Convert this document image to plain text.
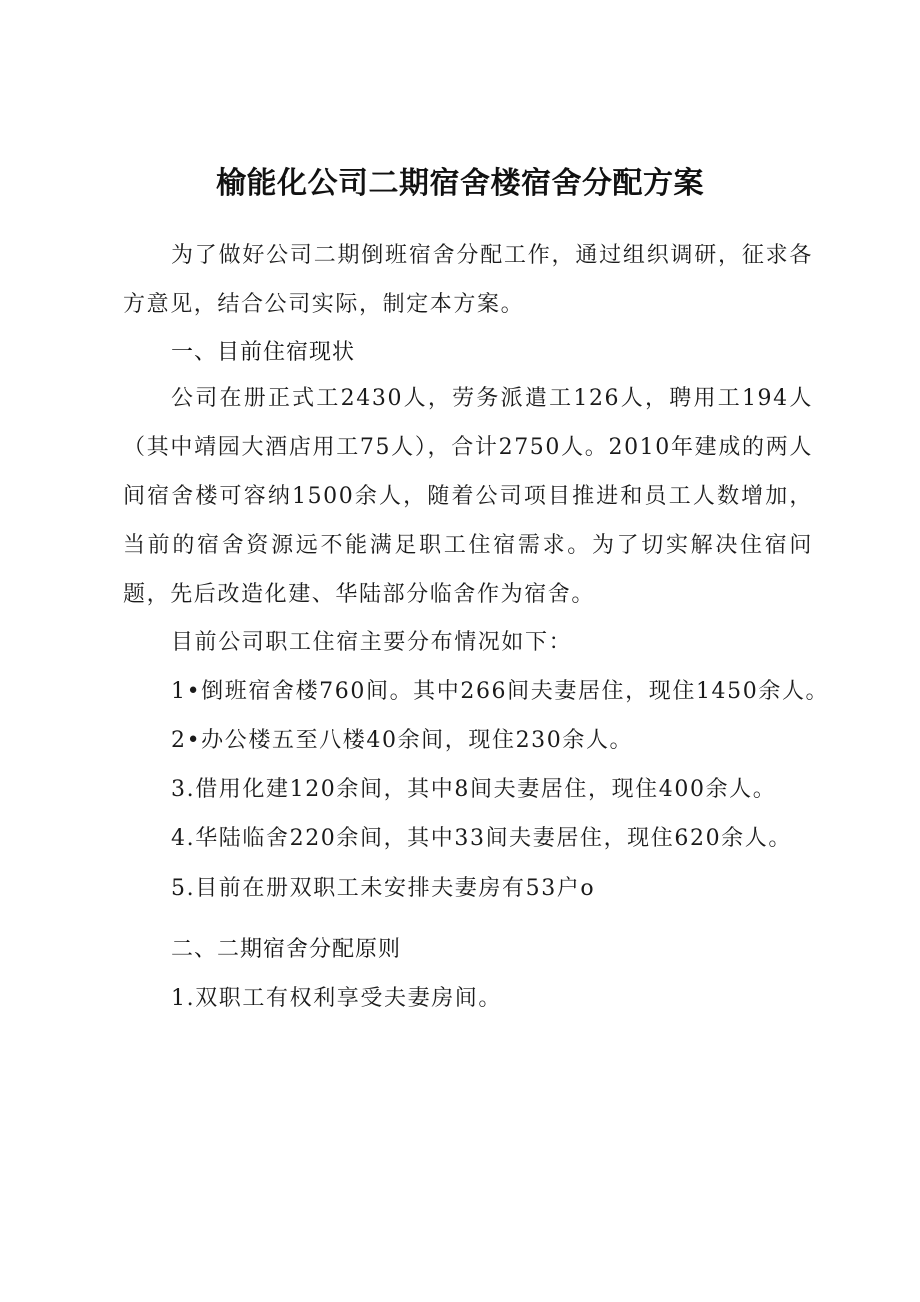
榆能化公司二期宿舍楼宿舍分配方案

为了做好公司二期倒班宿舍分配工作，通过组织调研，征求各方意见，结合公司实际，制定本方案。

一、目前住宿现状

公司在册正式工2430人，劳务派遣工126人，聘用工194人（其中靖园大酒店用工75人），合计2750人。2010年建成的两人间宿舍楼可容纳1500余人，随着公司项目推进和员工人数增加，当前的宿舍资源远不能满足职工住宿需求。为了切实解决住宿问题，先后改造化建、华陆部分临舍作为宿舍。

目前公司职工住宿主要分布情况如下：

1•倒班宿舍楼760间。其中266间夫妻居住，现住1450余人。

2•办公楼五至八楼40余间，现住230余人。

3.借用化建120余间，其中8间夫妻居住，现住400余人。

4.华陆临舍220余间，其中33间夫妻居住，现住620余人。

5.目前在册双职工未安排夫妻房有53户o

二、二期宿舍分配原则

1.双职工有权利享受夫妻房间。
